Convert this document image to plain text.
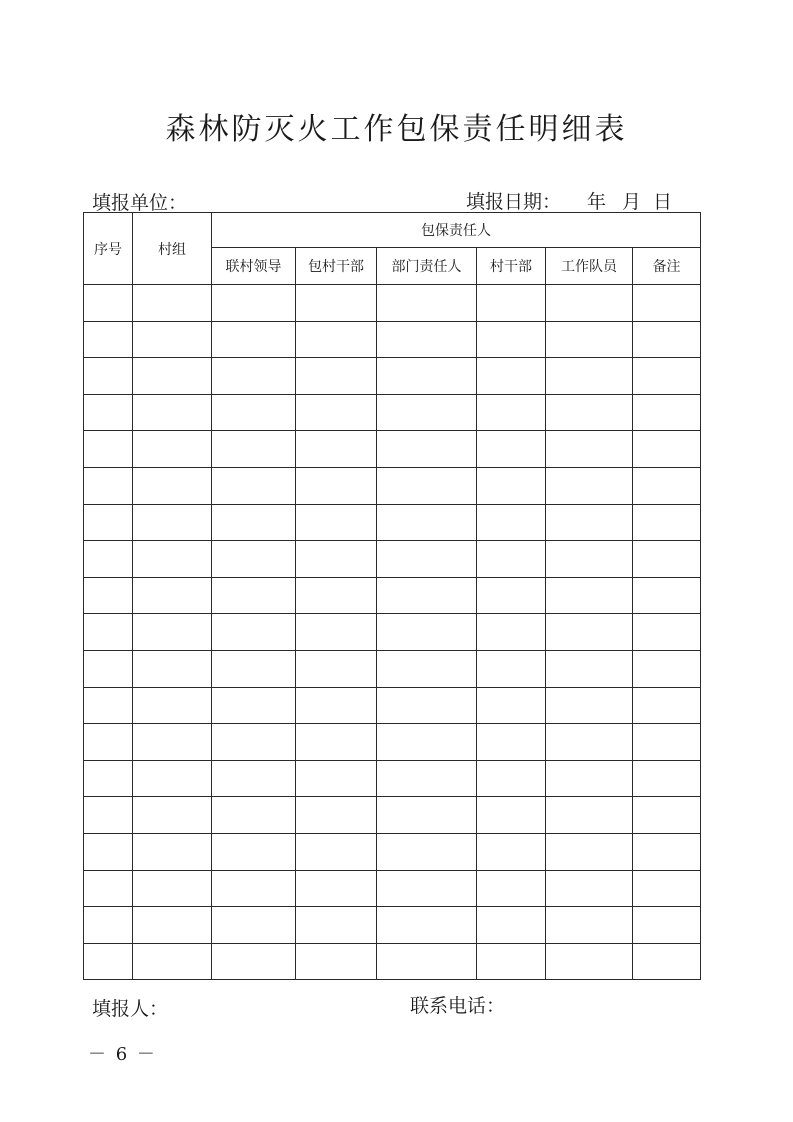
森林防灭火工作包保责任明细表
填报单位：	填报日期： 年 月 日
序号	村组	包保责任人					
		联村领导	包村干部	部门责任人	村干部	工作队员	备注

填报人：	联系电话：
－ 6 －
